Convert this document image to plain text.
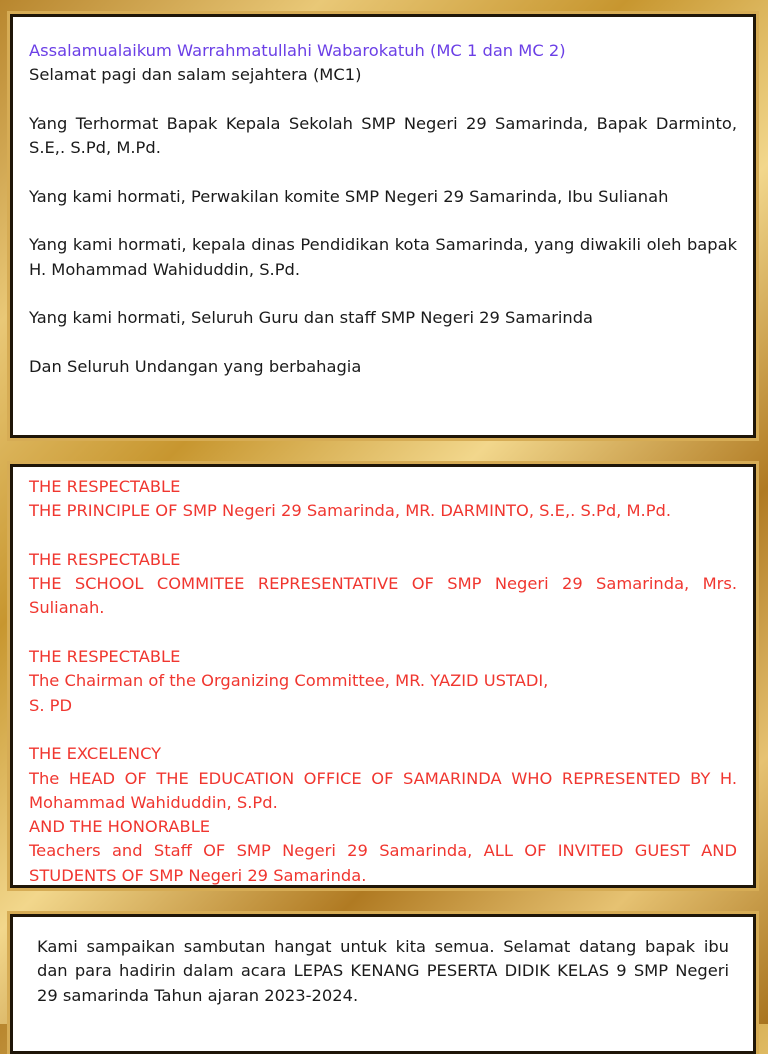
Assalamualaikum Warrahmatullahi Wabarokatuh (MC 1 dan MC 2)

Selamat pagi dan salam sejahtera (MC1)

Yang Terhormat Bapak Kepala Sekolah SMP Negeri 29 Samarinda, Bapak Darminto, S.E,. S.Pd, M.Pd.

Yang kami hormati, Perwakilan komite SMP Negeri 29 Samarinda, Ibu Sulianah

Yang kami hormati, kepala dinas Pendidikan kota Samarinda, yang diwakili oleh bapak H. Mohammad Wahiduddin, S.Pd.

Yang kami hormati, Seluruh Guru dan staff SMP Negeri 29 Samarinda

Dan Seluruh Undangan yang berbahagia

THE RESPECTABLE

THE PRINCIPLE OF SMP Negeri 29 Samarinda, MR. DARMINTO, S.E,. S.Pd, M.Pd.

THE RESPECTABLE

THE SCHOOL COMMITEE REPRESENTATIVE OF SMP Negeri 29 Samarinda, Mrs. Sulianah.

THE RESPECTABLE

The Chairman of the Organizing Committee, MR. YAZID USTADI,

S. PD

THE EXCELENCY

The HEAD OF THE EDUCATION OFFICE OF SAMARINDA WHO REPRESENTED BY H. Mohammad Wahiduddin, S.Pd.

AND THE HONORABLE

Teachers and Staff OF SMP Negeri 29 Samarinda, ALL OF INVITED GUEST AND STUDENTS OF SMP Negeri 29 Samarinda.

Kami sampaikan sambutan hangat untuk kita semua. Selamat datang bapak ibu dan para hadirin dalam acara LEPAS KENANG PESERTA DIDIK KELAS 9 SMP Negeri 29 samarinda Tahun ajaran 2023-2024.
